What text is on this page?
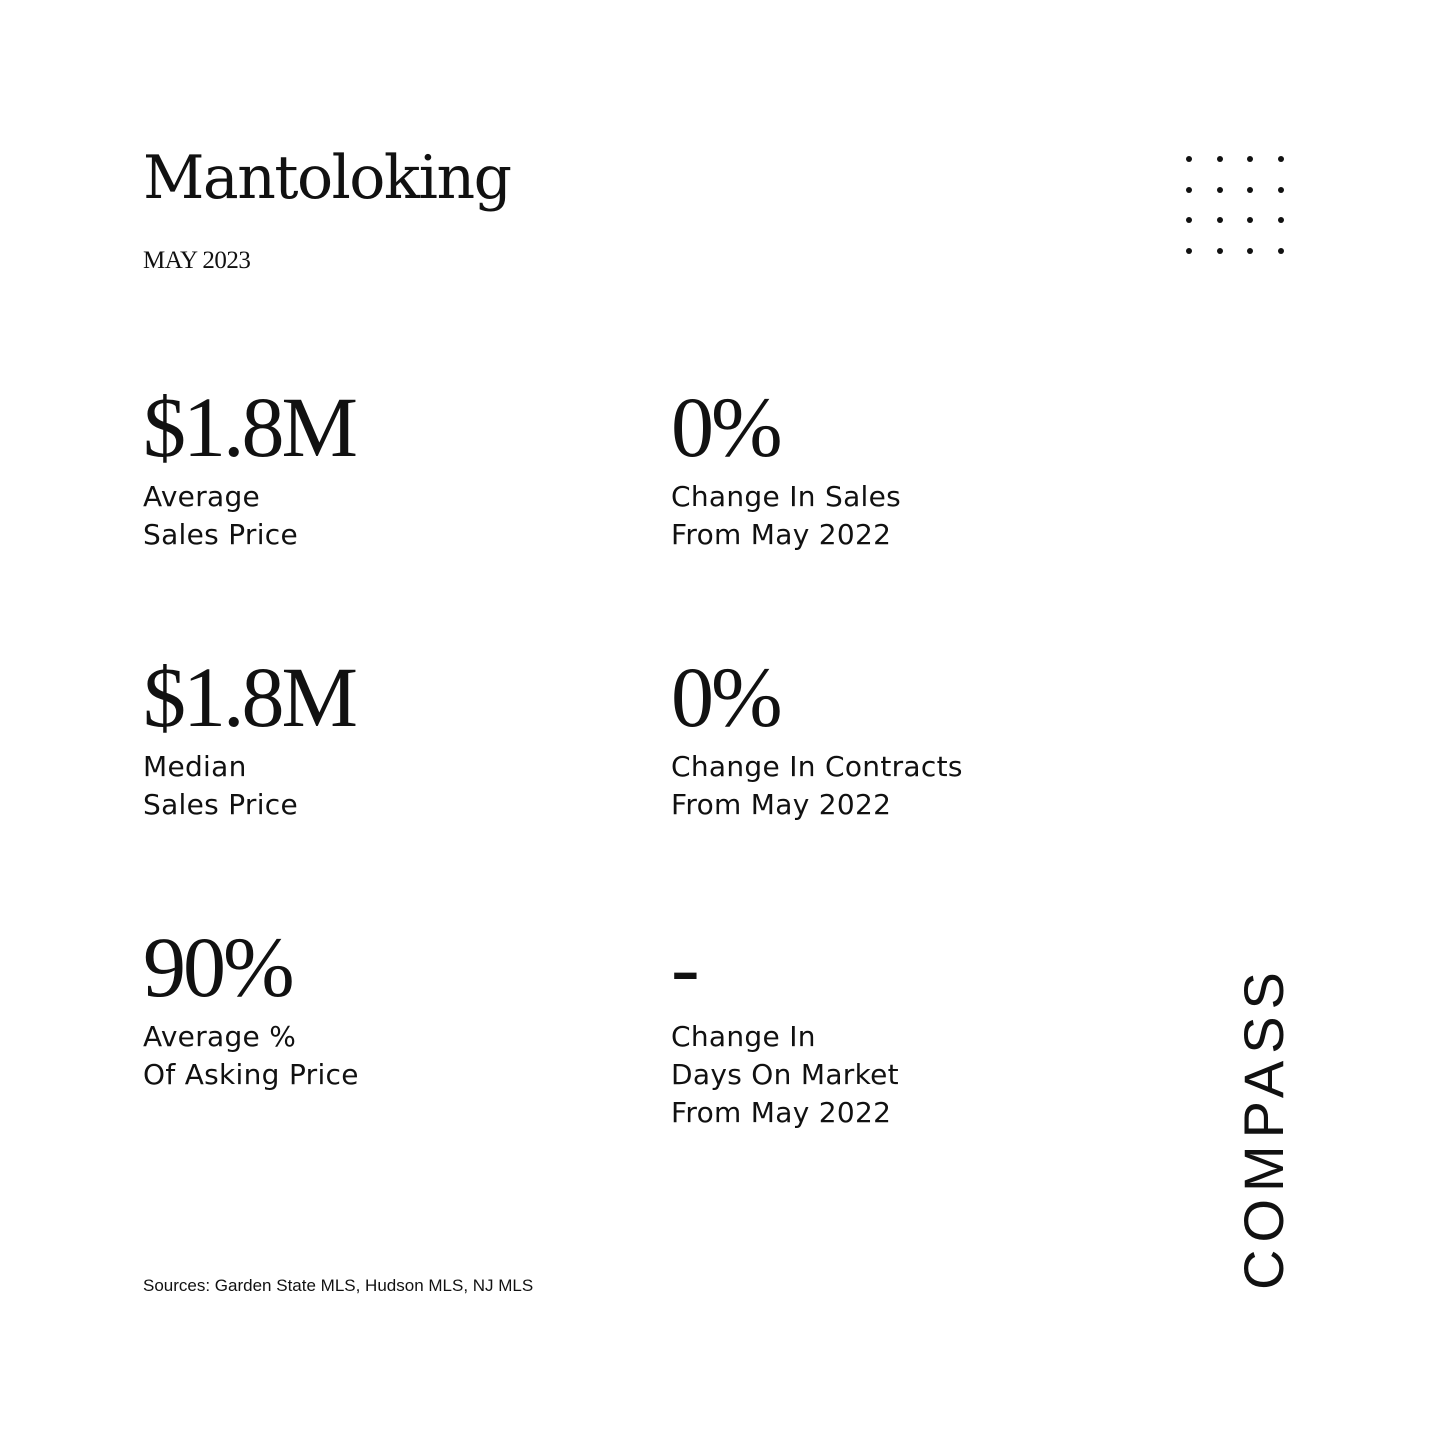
Mantoloking
MAY 2023
$1.8M
Average
Sales Price
0%
Change In Sales
From May 2022
$1.8M
Median
Sales Price
0%
Change In Contracts
From May 2022
90%
Average %
Of Asking Price
-
Change In
Days On Market
From May 2022
Sources: Garden State MLS, Hudson MLS, NJ MLS	COMPASS
